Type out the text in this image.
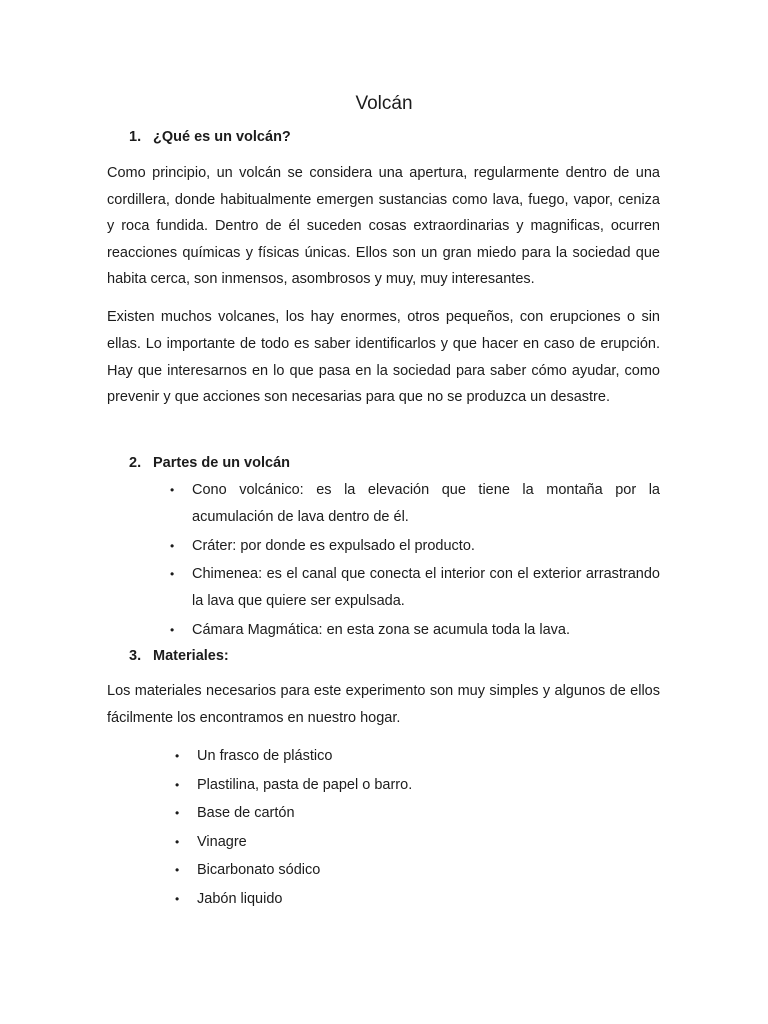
Volcán
1. ¿Qué es un volcán?

Como principio, un volcán se considera una apertura, regularmente dentro de una cordillera, donde habitualmente emergen sustancias como lava, fuego, vapor, ceniza y roca fundida. Dentro de él suceden cosas extraordinarias y magnificas, ocurren reacciones químicas y físicas únicas. Ellos son un gran miedo para la sociedad que habita cerca, son inmensos, asombrosos y muy, muy interesantes.

Existen muchos volcanes, los hay enormes, otros pequeños, con erupciones o sin ellas. Lo importante de todo es saber identificarlos y que hacer en caso de erupción. Hay que interesarnos en lo que pasa en la sociedad para saber cómo ayudar, como prevenir y que acciones son necesarias para que no se produzca un desastre.

2. Partes de un volcán
• Cono volcánico: es la elevación que tiene la montaña por la acumulación de lava dentro de él.
• Cráter: por donde es expulsado el producto.
• Chimenea: es el canal que conecta el interior con el exterior arrastrando la lava que quiere ser expulsada.
• Cámara Magmática: en esta zona se acumula toda la lava.
3. Materiales:

Los materiales necesarios para este experimento son muy simples y algunos de ellos fácilmente los encontramos en nuestro hogar.

• Un frasco de plástico
• Plastilina, pasta de papel o barro.
• Base de cartón
• Vinagre
• Bicarbonato sódico
• Jabón liquido
